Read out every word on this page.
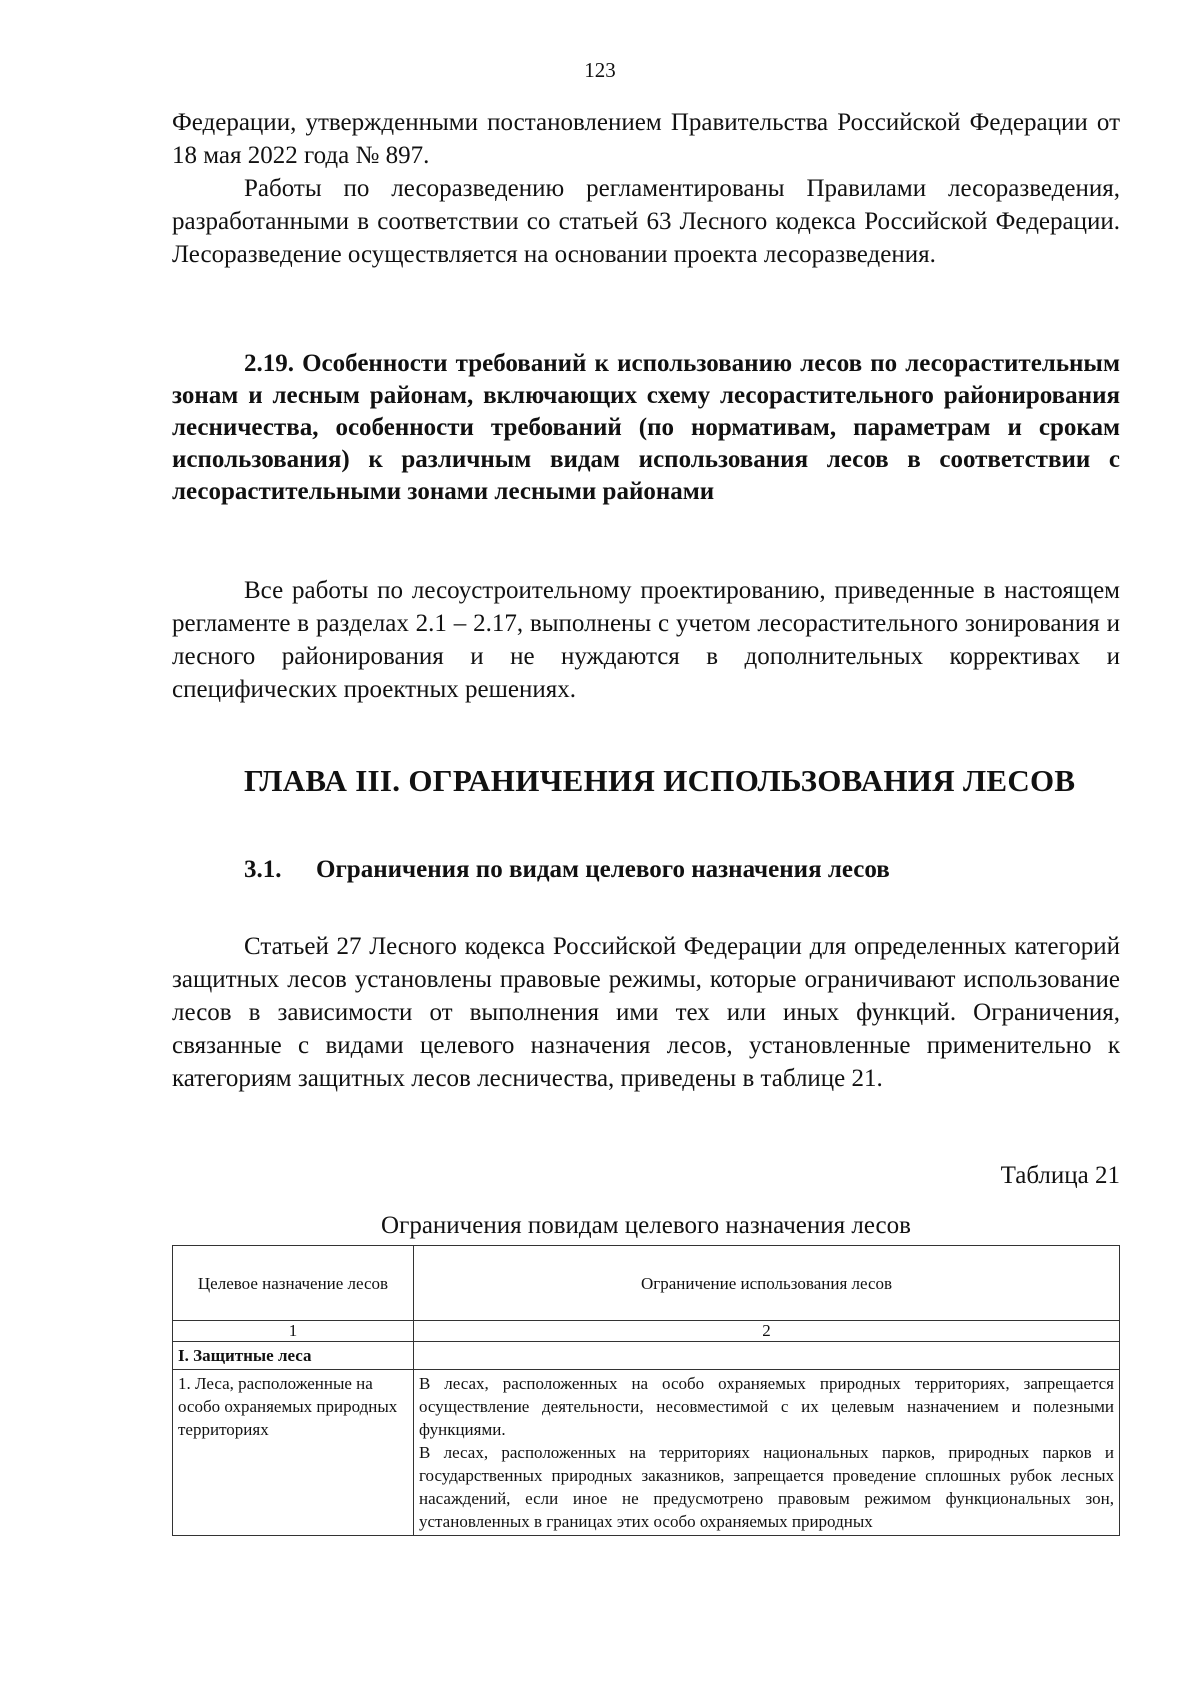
123
Федерации, утвержденными постановлением Правительства Российской Федерации от 18 мая 2022 года № 897.
Работы по лесоразведению регламентированы Правилами лесоразведения, разработанными в соответствии со статьей 63 Лесного кодекса Российской Федерации. Лесоразведение осуществляется на основании проекта лесоразведения.
2.19. Особенности требований к использованию лесов по лесорастительным зонам и лесным районам, включающих схему лесорастительного районирования лесничества, особенности требований (по нормативам, параметрам и срокам использования) к различным видам использования лесов в соответствии с лесорастительными зонами лесными районами
Все работы по лесоустроительному проектированию, приведенные в настоящем регламенте в разделах 2.1 – 2.17, выполнены с учетом лесорастительного зонирования и лесного районирования и не нуждаются в дополнительных коррективах и специфических проектных решениях.
ГЛАВА III. ОГРАНИЧЕНИЯ ИСПОЛЬЗОВАНИЯ ЛЕСОВ
3.1. Ограничения по видам целевого назначения лесов
Статьей 27 Лесного кодекса Российской Федерации для определенных категорий защитных лесов установлены правовые режимы, которые ограничивают использование лесов в зависимости от выполнения ими тех или иных функций. Ограничения, связанные с видами целевого назначения лесов, установленные применительно к категориям защитных лесов лесничества, приведены в таблице 21.
Таблица 21
Ограничения повидам целевого назначения лесов
Целевое назначение лесов	Ограничение использования лесов
1	2
I. Защитные леса	
1. Леса, расположенные на особо охраняемых природных территориях	В лесах, расположенных на особо охраняемых природных территориях, запрещается осуществление деятельности, несовместимой с их целевым назначением и полезными функциями.
В лесах, расположенных на территориях национальных парков, природных парков и государственных природных заказников, запрещается проведение сплошных рубок лесных насаждений, если иное не предусмотрено правовым режимом функциональных зон, установленных в границах этих особо охраняемых природных
